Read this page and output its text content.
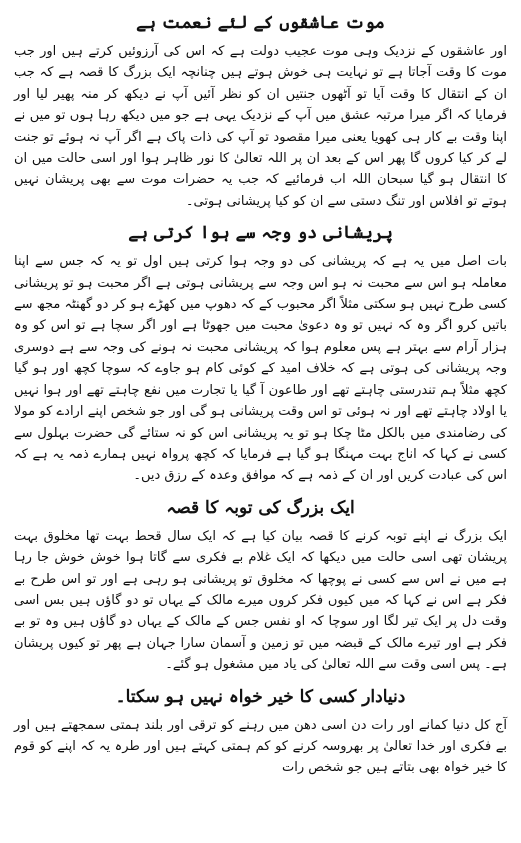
موت عاشقوں کے لئے نعمت ہے

اور عاشقوں کے نزدیک وہی موت عجیب دولت ہے کہ اس کی آرزوئیں کرتے ہیں اور جب موت کا وقت آجاتا ہے تو نہایت ہی خوش ہوتے ہیں چنانچہ ایک بزرگ کا قصہ ہے کہ جب ان کے انتقال کا وقت آیا تو آٹھوں جنتیں ان کو نظر آئیں آپ نے دیکھ کر منہ پھیر لیا اور فرمایا کہ اگر میرا مرتبہ عشق میں آپ کے نزدیک یہی ہے جو میں دیکھ رہا ہوں تو میں نے اپنا وقت بے کار ہی کھویا یعنی میرا مقصود تو آپ کی ذات پاک ہے اگر آپ نہ ہوئے تو جنت لے کر کیا کروں گا پھر اس کے بعد ان پر اللہ تعالیٰ کا نور ظاہر ہوا اور اسی حالت میں ان کا انتقال ہو گیا سبحان اللہ اب فرمائیے کہ جب یہ حضرات موت سے بھی پریشان نہیں ہوتے تو افلاس اور تنگ دستی سے ان کو کیا پریشانی ہوتی۔

پریشانی دو وجہ سے ہوا کرتی ہے

بات اصل میں یہ ہے کہ پریشانی کی دو وجہ ہوا کرتی ہیں اول تو یہ کہ جس سے اپنا معاملہ ہو اس سے محبت نہ ہو اس وجہ سے پریشانی ہوتی ہے اگر محبت ہو تو پریشانی کسی طرح نہیں ہو سکتی مثلاً اگر محبوب کے کہ دھوپ میں کھڑے ہو کر دو گھنٹہ مجھ سے باتیں کرو اگر وہ کہ نہیں تو وہ دعویٰ محبت میں جھوٹا ہے اور اگر سچا ہے تو اس کو وہ ہزار آرام سے بہتر ہے پس معلوم ہوا کہ پریشانی محبت نہ ہونے کی وجہ سے ہے دوسری وجہ پریشانی کی ہوتی ہے کہ خلاف امید کے کوئی کام ہو جاوے کہ سوچا کچھ اور ہو گیا کچھ مثلاً ہم تندرستی چاہتے تھے اور طاعون آ گیا یا تجارت میں نفع چاہتے تھے اور ہوا نہیں یا اولاد چاہتے تھے اور نہ ہوئی تو اس وقت پریشانی ہو گی اور جو شخص اپنے ارادے کو مولا کی رضامندی میں بالکل مٹا چکا ہو تو یہ پریشانی اس کو نہ ستائے گی حضرت بہلول سے کسی نے کہا کہ اناج بہت مہنگا ہو گیا ہے فرمایا کہ کچھ پرواہ نہیں ہمارے ذمہ یہ ہے کہ اس کی عبادت کریں اور ان کے ذمہ ہے کہ موافق وعدہ کے رزق دیں۔

ایک بزرگ کی توبہ کا قصہ

ایک بزرگ نے اپنے توبہ کرنے کا قصہ بیان کیا ہے کہ ایک سال قحط بہت تھا مخلوق بہت پریشان تھی اسی حالت میں دیکھا کہ ایک غلام بے فکری سے گاتا ہوا خوش خوش جا رہا ہے میں نے اس سے کسی نے پوچھا کہ مخلوق تو پریشانی ہو رہی ہے اور تو اس طرح بے فکر ہے اس نے کہا کہ میں کیوں فکر کروں میرے مالک کے یہاں تو دو گاؤں ہیں بس اسی وقت دل پر ایک تیر لگا اور سوچا کہ او نفس جس کے مالک کے یہاں دو گاؤں ہیں وہ تو بے فکر ہے اور تیرے مالک کے قبضہ میں تو زمین و آسمان سارا جہان ہے پھر تو کیوں پریشان ہے۔ پس اسی وقت سے اللہ تعالیٰ کی یاد میں مشغول ہو گئے۔

دنیادار کسی کا خیر خواہ نہیں ہو سکتا۔

آج کل دنیا کمانے اور رات دن اسی دھن میں رہنے کو ترقی اور بلند ہمتی سمجھتے ہیں اور بے فکری اور خدا تعالیٰ پر بھروسہ کرنے کو کم ہمتی کہتے ہیں اور طرہ یہ کہ اپنے کو قوم کا خیر خواہ بھی بتاتے ہیں جو شخص رات
